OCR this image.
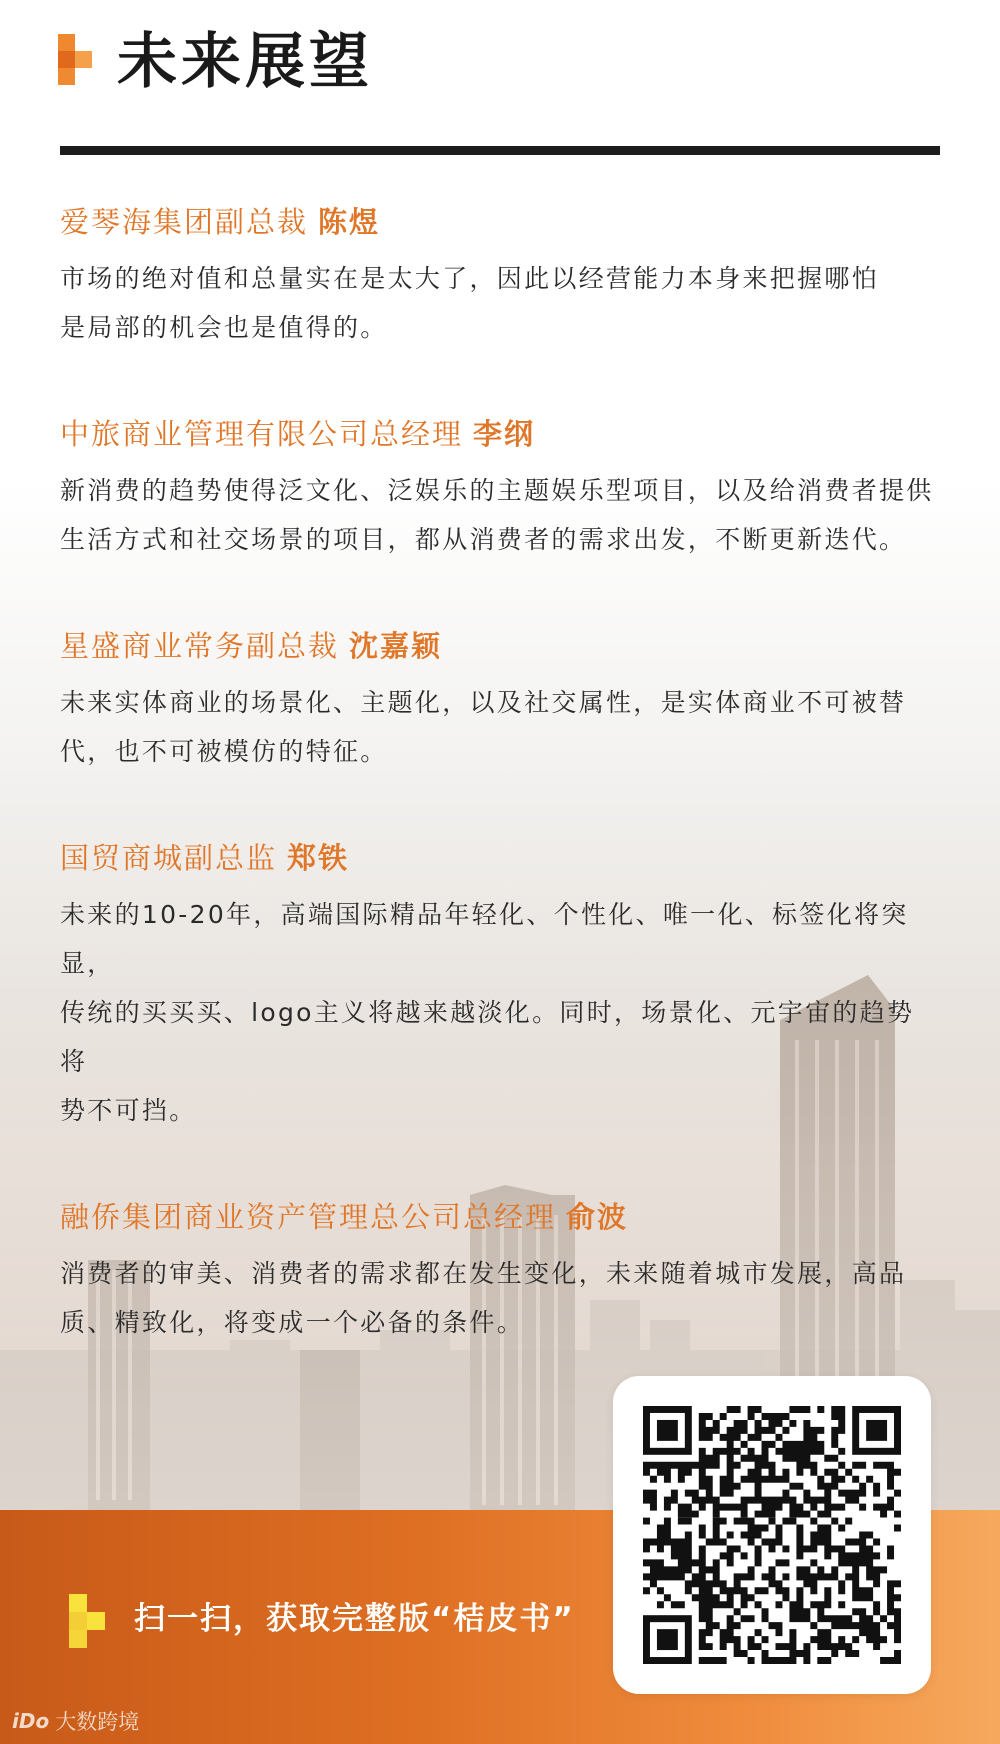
未来展望

爱琴海集团副总裁 陈煜

市场的绝对值和总量实在是太大了，因此以经营能力本身来把握哪怕
是局部的机会也是值得的。

中旅商业管理有限公司总经理 李纲

新消费的趋势使得泛文化、泛娱乐的主题娱乐型项目，以及给消费者提供
生活方式和社交场景的项目，都从消费者的需求出发，不断更新迭代。

星盛商业常务副总裁 沈嘉颖

未来实体商业的场景化、主题化，以及社交属性，是实体商业不可被替
代，也不可被模仿的特征。

国贸商城副总监 郑铁

未来的10-20年，高端国际精品年轻化、个性化、唯一化、标签化将突显，
传统的买买买、logo主义将越来越淡化。同时，场景化、元宇宙的趋势将
势不可挡。

融侨集团商业资产管理总公司总经理 俞波

消费者的审美、消费者的需求都在发生变化，未来随着城市发展，高品
质、精致化，将变成一个必备的条件。

扫一扫，获取完整版“桔皮书”

iDo 大数跨境
